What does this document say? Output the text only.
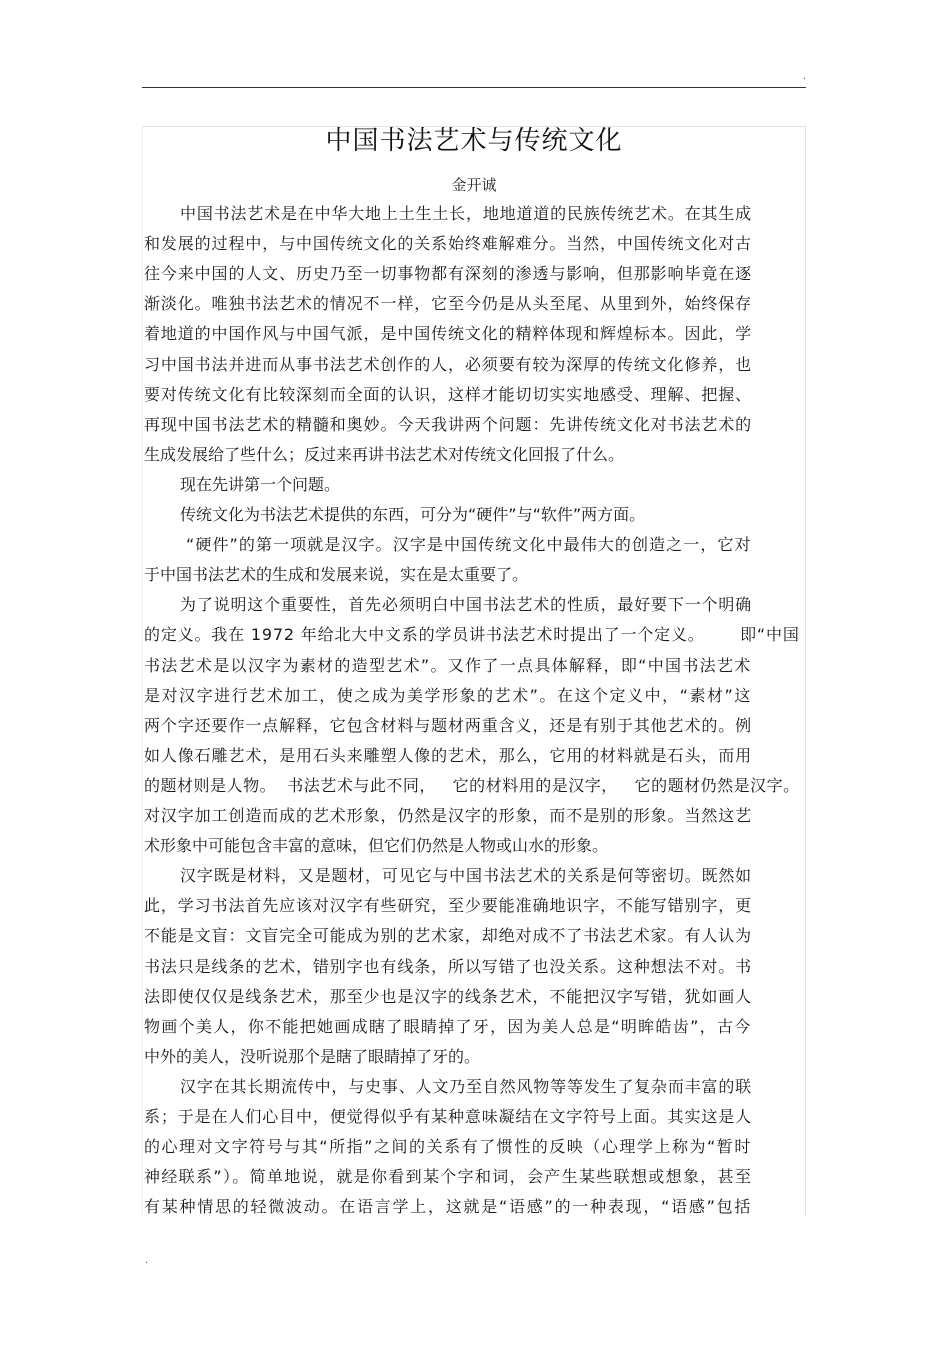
.
中国书法艺术与传统文化
金开诚
中国书法艺术是在中华大地上土生土长，地地道道的民族传统艺术。在其生成
和发展的过程中，与中国传统文化的关系始终难解难分。当然，中国传统文化对古
往今来中国的人文、历史乃至一切事物都有深刻的渗透与影响，但那影响毕竟在逐
渐淡化。唯独书法艺术的情况不一样，它至今仍是从头至尾、从里到外，始终保存
着地道的中国作风与中国气派，是中国传统文化的精粹体现和辉煌标本。因此，学
习中国书法并进而从事书法艺术创作的人，必须要有较为深厚的传统文化修养，也
要对传统文化有比较深刻而全面的认识，这样才能切切实实地感受、理解、把握、
再现中国书法艺术的精髓和奥妙。今天我讲两个问题：先讲传统文化对书法艺术的
生成发展给了些什么；反过来再讲书法艺术对传统文化回报了什么。
现在先讲第一个问题。
传统文化为书法艺术提供的东西，可分为“硬件”与“软件”两方面。
“硬件”的第一项就是汉字。汉字是中国传统文化中最伟大的创造之一，它对
于中国书法艺术的生成和发展来说，实在是太重要了。
为了说明这个重要性，首先必须明白中国书法艺术的性质，最好要下一个明确
的定义。我在 1972 年给北大中文系的学员讲书法艺术时提出了一个定义。      即“中国
书法艺术是以汉字为素材的造型艺术”。又作了一点具体解释，即“中国书法艺术
是对汉字进行艺术加工，使之成为美学形象的艺术”。在这个定义中，“素材”这
两个字还要作一点解释，它包含材料与题材两重含义，还是有别于其他艺术的。例
如人像石雕艺术，是用石头来雕塑人像的艺术，那么，它用的材料就是石头，而用
的题材则是人物。  书法艺术与此不同，   它的材料用的是汉字，   它的题材仍然是汉字。
对汉字加工创造而成的艺术形象，仍然是汉字的形象，而不是别的形象。当然这艺
术形象中可能包含丰富的意味，但它们仍然是人物或山水的形象。
汉字既是材料，又是题材，可见它与中国书法艺术的关系是何等密切。既然如
此，学习书法首先应该对汉字有些研究，至少要能准确地识字，不能写错别字，更
不能是文盲：文盲完全可能成为别的艺术家，却绝对成不了书法艺术家。有人认为
书法只是线条的艺术，错别字也有线条，所以写错了也没关系。这种想法不对。书
法即使仅仅是线条艺术，那至少也是汉字的线条艺术，不能把汉字写错，犹如画人
物画个美人，你不能把她画成瞎了眼睛掉了牙，因为美人总是“明眸皓齿”，古今
中外的美人，没听说那个是瞎了眼睛掉了牙的。
汉字在其长期流传中，与史事、人文乃至自然风物等等发生了复杂而丰富的联
系；于是在人们心目中，便觉得似乎有某种意味凝结在文字符号上面。其实这是人
的心理对文字符号与其“所指”之间的关系有了惯性的反映（心理学上称为“暂时
神经联系”）。简单地说，就是你看到某个字和词，会产生某些联想或想象，甚至
有某种情思的轻微波动。在语言学上，这就是“语感”的一种表现，“语感”包括
.
